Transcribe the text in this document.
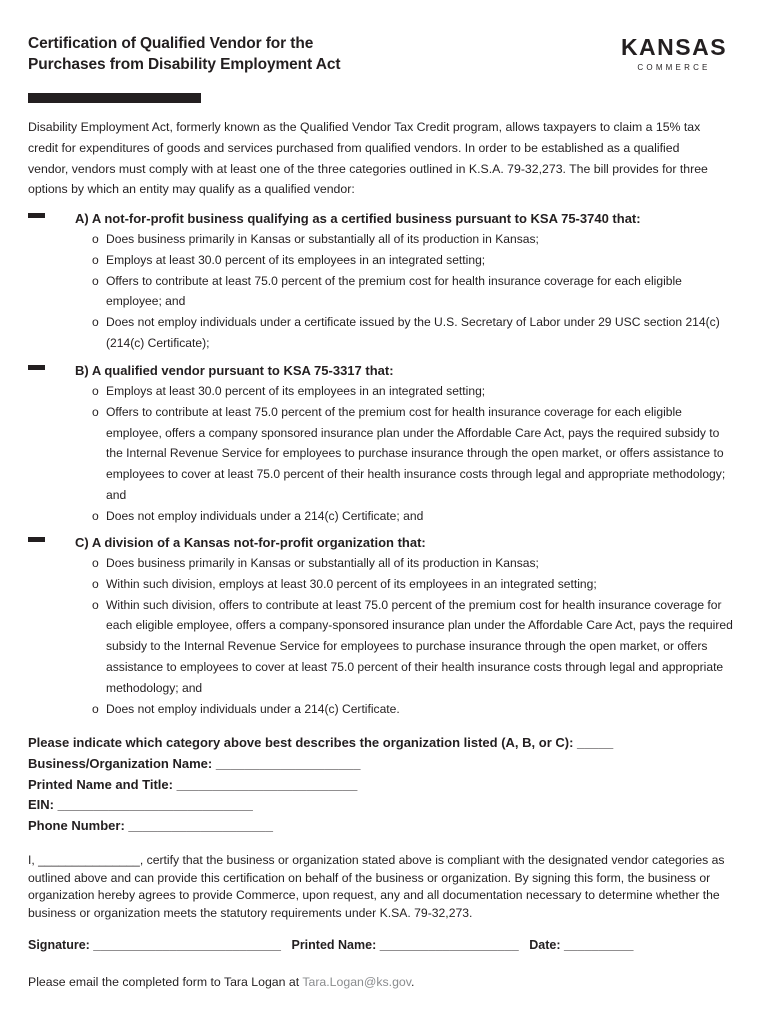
Certification of Qualified Vendor for the
Purchases from Disability Employment Act
KANSAS
COMMERCE
Disability Employment Act, formerly known as the Qualified Vendor Tax Credit program, allows taxpayers to claim a 15% tax credit for expenditures of goods and services purchased from qualified vendors. In order to be established as a qualified vendor, vendors must comply with at least one of the three categories outlined in K.S.A. 79-32,273. The bill provides for three options by which an entity may qualify as a qualified vendor:
A) A not-for-profit business qualifying as a certified business pursuant to KSA 75-3740 that:
o Does business primarily in Kansas or substantially all of its production in Kansas;
o Employs at least 30.0 percent of its employees in an integrated setting;
o Offers to contribute at least 75.0 percent of the premium cost for health insurance coverage for each eligible employee; and
o Does not employ individuals under a certificate issued by the U.S. Secretary of Labor under 29 USC section 214(c) (214(c) Certificate);
B) A qualified vendor pursuant to KSA 75-3317 that:
o Employs at least 30.0 percent of its employees in an integrated setting;
o Offers to contribute at least 75.0 percent of the premium cost for health insurance coverage for each eligible employee, offers a company sponsored insurance plan under the Affordable Care Act, pays the required subsidy to the Internal Revenue Service for employees to purchase insurance through the open market, or offers assistance to employees to cover at least 75.0 percent of their health insurance costs through legal and appropriate methodology; and
o Does not employ individuals under a 214(c) Certificate; and
C) A division of a Kansas not-for-profit organization that:
o Does business primarily in Kansas or substantially all of its production in Kansas;
o Within such division, employs at least 30.0 percent of its employees in an integrated setting;
o Within such division, offers to contribute at least 75.0 percent of the premium cost for health insurance coverage for each eligible employee, offers a company-sponsored insurance plan under the Affordable Care Act, pays the required subsidy to the Internal Revenue Service for employees to purchase insurance through the open market, or offers assistance to employees to cover at least 75.0 percent of their health insurance costs through legal and appropriate methodology; and
o Does not employ individuals under a 214(c) Certificate.
Please indicate which category above best describes the organization listed (A, B, or C): _____
Business/Organization Name: ____________________
Printed Name and Title: _________________________
EIN: ___________________________
Phone Number: ____________________
I, _______________, certify that the business or organization stated above is compliant with the designated vendor categories as outlined above and can provide this certification on behalf of the business or organization. By signing this form, the business or organization hereby agrees to provide Commerce, upon request, any and all documentation necessary to determine whether the business or organization meets the statutory requirements under K.SA. 79-32,273.
Signature: ___________________________ Printed Name: ____________________ Date: __________
Please email the completed form to Tara Logan at Tara.Logan@ks.gov.
